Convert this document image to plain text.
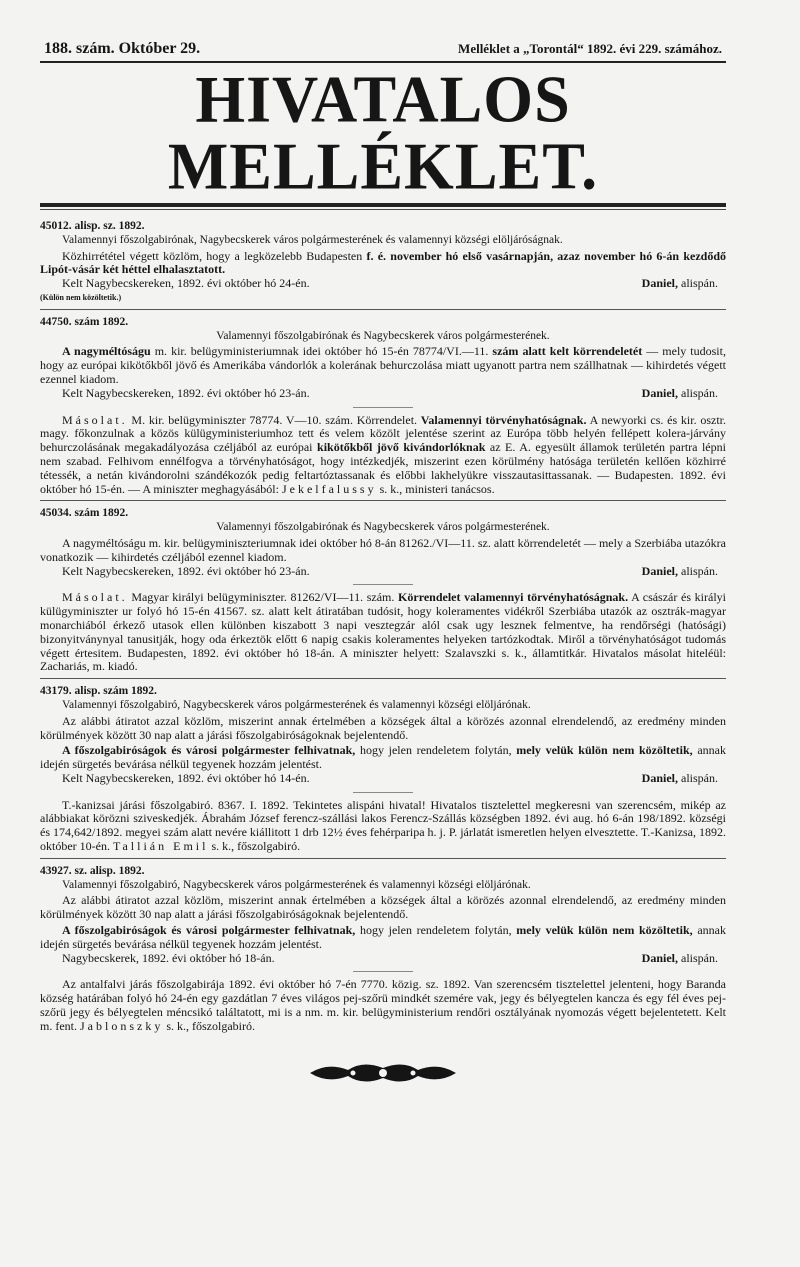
188. szám. Október 29.	Melléklet a „Torontál“ 1892. évi 229. számához.
HIVATALOS MELLÉKLET.
45012. alisp. sz. 1892.
Valamennyi főszolgabirónak, Nagybecskerek város polgármesterének és valamennyi községi elöljáróságnak.
Közhirrététel végett közlöm, hogy a legközelebb Budapesten f. é. november hó első vasárnapján, azaz november hó 6-án kezdődő Lipót-vásár két héttel elhalasztatott.
Kelt Nagybecskereken, 1892. évi október hó 24-én.	Daniel, alispán.
(Külön nem közöltetik.)
44750. szám 1892.
Valamennyi főszolgabirónak és Nagybecskerek város polgármesterének.
A nagyméltóságu m. kir. belügyministeriumnak idei október hó 15-én 78774/VI.—11. szám alatt kelt körrendeletét — mely tudosit, hogy az európai kikötőkből jövő és Amerikába vándorlók a kolerának behurczolása miatt ugyanott partra nem szállhatnak — kihirdetés végett ezennel kiadom.
Kelt Nagybecskereken, 1892. évi október hó 23-án.	Daniel, alispán.
Másolat. M. kir. belügyminiszter 78774. V—10. szám. Körrendelet. Valamennyi törvényhatóságnak. A newyorki cs. és kir. osztr. magy. főkonzulnak a közös külügyministeriumhoz tett és velem közölt jelentése szerint az Európa több helyén fellépett kolera-járvány behurczolásának megakadályozása czéljából az európai kikötőkből jövő kivándorlóknak az E. A. egyesült államok területén partra lépni nem szabad. Felhivom ennélfogva a törvényhatóságot, hogy intézkedjék, miszerint ezen körülmény hatósága területén kellően közhirré tétessék, a netán kivándorolni szándékozók pedig feltartóztassanak és előbbi lakhelyükre visszautasittassanak. — Budapesten. 1892. évi október hó 15-én. — A miniszter meghagyásából: Jekelfalussy s. k., ministeri tanácsos.
45034. szám 1892.
Valamennyi főszolgabirónak és Nagybecskerek város polgármesterének.
A nagyméltóságu m. kir. belügyminiszteriumnak idei október hó 8-án 81262./VI—11. sz. alatt körrendeletét — mely a Szerbiába utazókra vonatkozik — kihirdetés czéljából ezennel kiadom.
Kelt Nagybecskereken, 1892. évi október hó 23-án.	Daniel, alispán.
Másolat. Magyar királyi belügyminiszter. 81262/VI—11. szám. Körrendelet valamennyi törvényhatóságnak. A császár és királyi külügyminiszter ur folyó hó 15-én 41567. sz. alatt kelt átiratában tudósit, hogy koleramentes vidékről Szerbiába utazók az osztrák-magyar monarchiából érkező utasok ellen különben kiszabott 3 napi vesztegzár alól csak ugy lesznek felmentve, ha rendőrségi (hatósági) bizonyitványnyal tanusitják, hogy oda érkeztök előtt 6 napig csakis koleramentes helyeken tartózkodtak. Miről a törvényhatóságot tudomás végett értesitem. Budapesten, 1892. évi október hó 18-án. A miniszter helyett: Szalavszki s. k., államtitkár. Hivatalos másolat hiteléül: Zachariás, m. kiadó.
43179. alisp. szám 1892.
Valamennyi főszolgabiró, Nagybecskerek város polgármesterének és valamennyi községi elöljárónak.
Az alábbi átiratot azzal közlöm, miszerint annak értelmében a községek által a körözés azonnal elrendelendő, az eredmény minden körülmények között 30 nap alatt a járási főszolgabiróságoknak bejelentendő.
A főszolgabiróságok és városi polgármester felhivatnak, hogy jelen rendeletem folytán, mely velük külön nem közöltetik, annak idején sürgetés bevárása nélkül tegyenek hozzám jelentést.
Kelt Nagybecskereken, 1892. évi október hó 14-én.	Daniel, alispán.
T.-kanizsai járási főszolgabiró. 8367. I. 1892. Tekintetes alispáni hivatal! Hivatalos tisztelettel megkeresni van szerencsém, mikép az alábbiakat körözni sziveskedjék. Ábrahám József ferencz-szállási lakos Ferencz-Szállás községben 1892. évi aug. hó 6-án 198/1892. községi és 174,642/1892. megyei szám alatt nevére kiállitott 1 drb 12½ éves fehérparipa h. j. P. járlatát ismeretlen helyen elvesztette. T.-Kanizsa, 1892. október 10-én. Tallián Emil s. k., főszolgabiró.
43927. sz. alisp. 1892.
Valamennyi főszolgabiró, Nagybecskerek város polgármesterének és valamennyi községi elöljárónak.
Az alábbi átiratot azzal közlöm, miszerint annak értelmében a községek által a körözés azonnal elrendelendő, az eredmény minden körülmények között 30 nap alatt a járási főszolgabiróságoknak bejelentendő.
A főszolgabiróságok és városi polgármester felhivatnak, hogy jelen rendeletem folytán, mely velük külön nem közöltetik, annak idején sürgetés bevárása nélkül tegyenek hozzám jelentést.
Nagybecskerek, 1892. évi október hó 18-án.	Daniel, alispán.
Az antalfalvi járás főszolgabirája 1892. évi október hó 7-én 7770. közig. sz. 1892. Van szerencsém tisztelettel jelenteni, hogy Baranda község határában folyó hó 24-én egy gazdátlan 7 éves világos pej-szőrü mindkét szemére vak, jegy és bélyegtelen kancza és egy fél éves pej-szőrü jegy és bélyegtelen méncsikó találtatott, mi is a nm. m. kir. belügyministerium rendőri osztályának nyomozás végett bejelentetett. Kelt m. fent. Jablonszky s. k., főszolgabiró.
